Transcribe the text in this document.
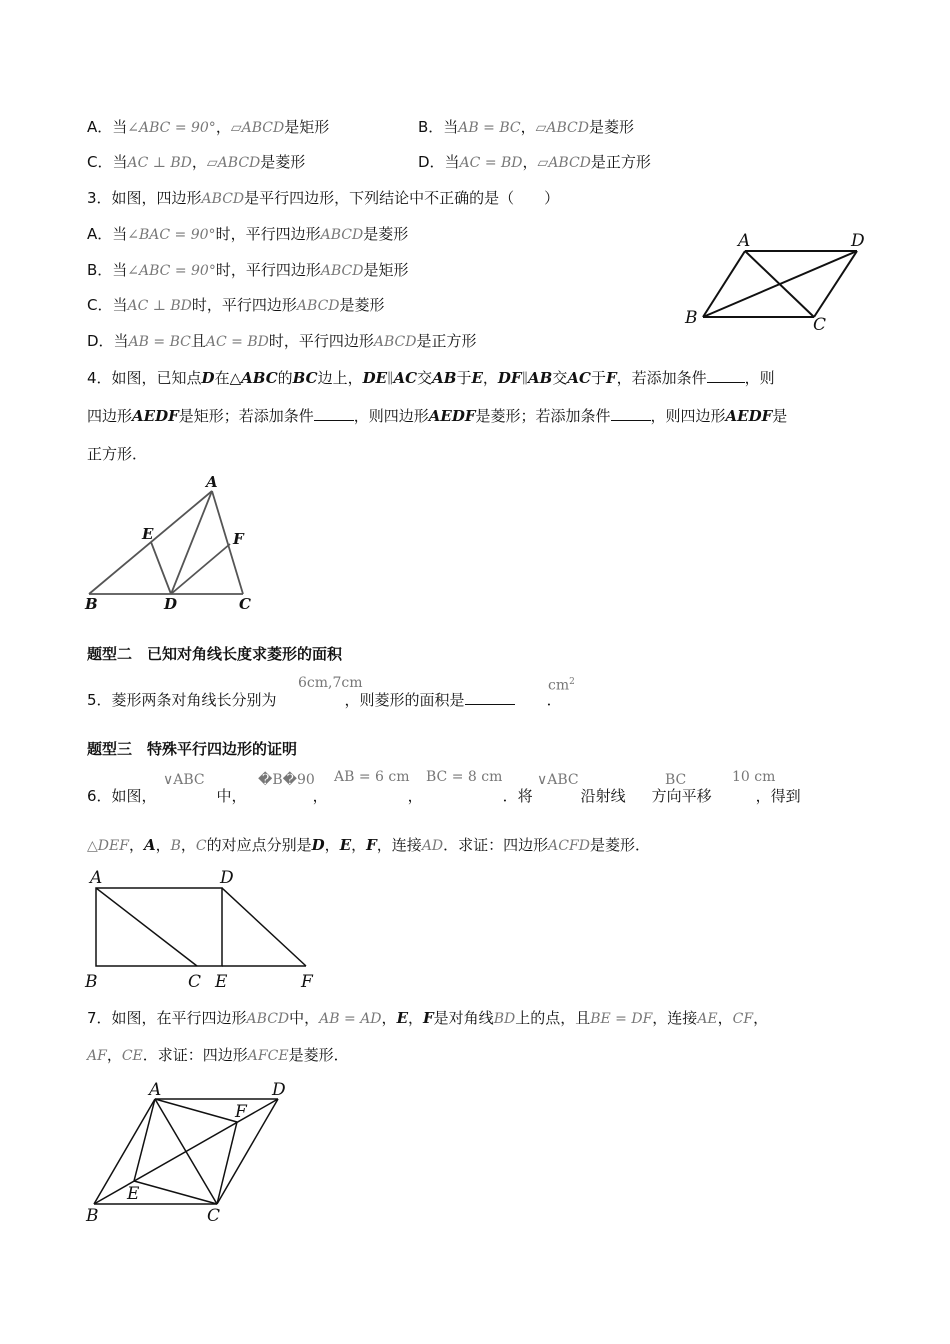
A．当∠ABC = 90°，▱ABCD是矩形	B．当AB = BC，▱ABCD是菱形
C．当AC ⊥ BD，▱ABCD是菱形	D．当AC = BD，▱ABCD是正方形
3．如图，四边形ABCD是平行四边形，下列结论中不正确的是（　　）
A．当∠BAC = 90°时，平行四边形ABCD是菱形
B．当∠ABC = 90°时，平行四边形ABCD是矩形
C．当AC ⊥ BD时，平行四边形ABCD是菱形
D．当AB = BC且AC = BD时，平行四边形ABCD是正方形
A	D
B	C
4．如图，已知点D在△ABC的BC边上，DE∥AC交AB于E，DF∥AB交AC于F，若添加条件	，则
四边形AEDF是矩形；若添加条件	，则四边形AEDF是菱形；若添加条件	，则四边形AEDF是
正方形．
A
E	F
B	D	C
题型二　已知对角线长度求菱形的面积
6cm,7cm	$cm^2$
5．菱形两条对角线长分别为	，则菱形的面积是	．
题型三　特殊平行四边形的证明
∨ABC	�B�90 AB = 6 cm BC = 8 cm ∨ABC	BC	10 cm
6．如图，	中，	，	，	．将	沿射线 方向平移	，得到
△DEF，A，B，C的对应点分别是D，E，F，连接AD．求证：四边形ACFD是菱形．
A	D
B	C E	F
7．如图，在平行四边形ABCD中，AB = AD，E，F是对角线BD上的点，且BE = DF，连接AE，CF，
AF，CE．求证：四边形AFCE是菱形．
A	D
F
E
B	C
